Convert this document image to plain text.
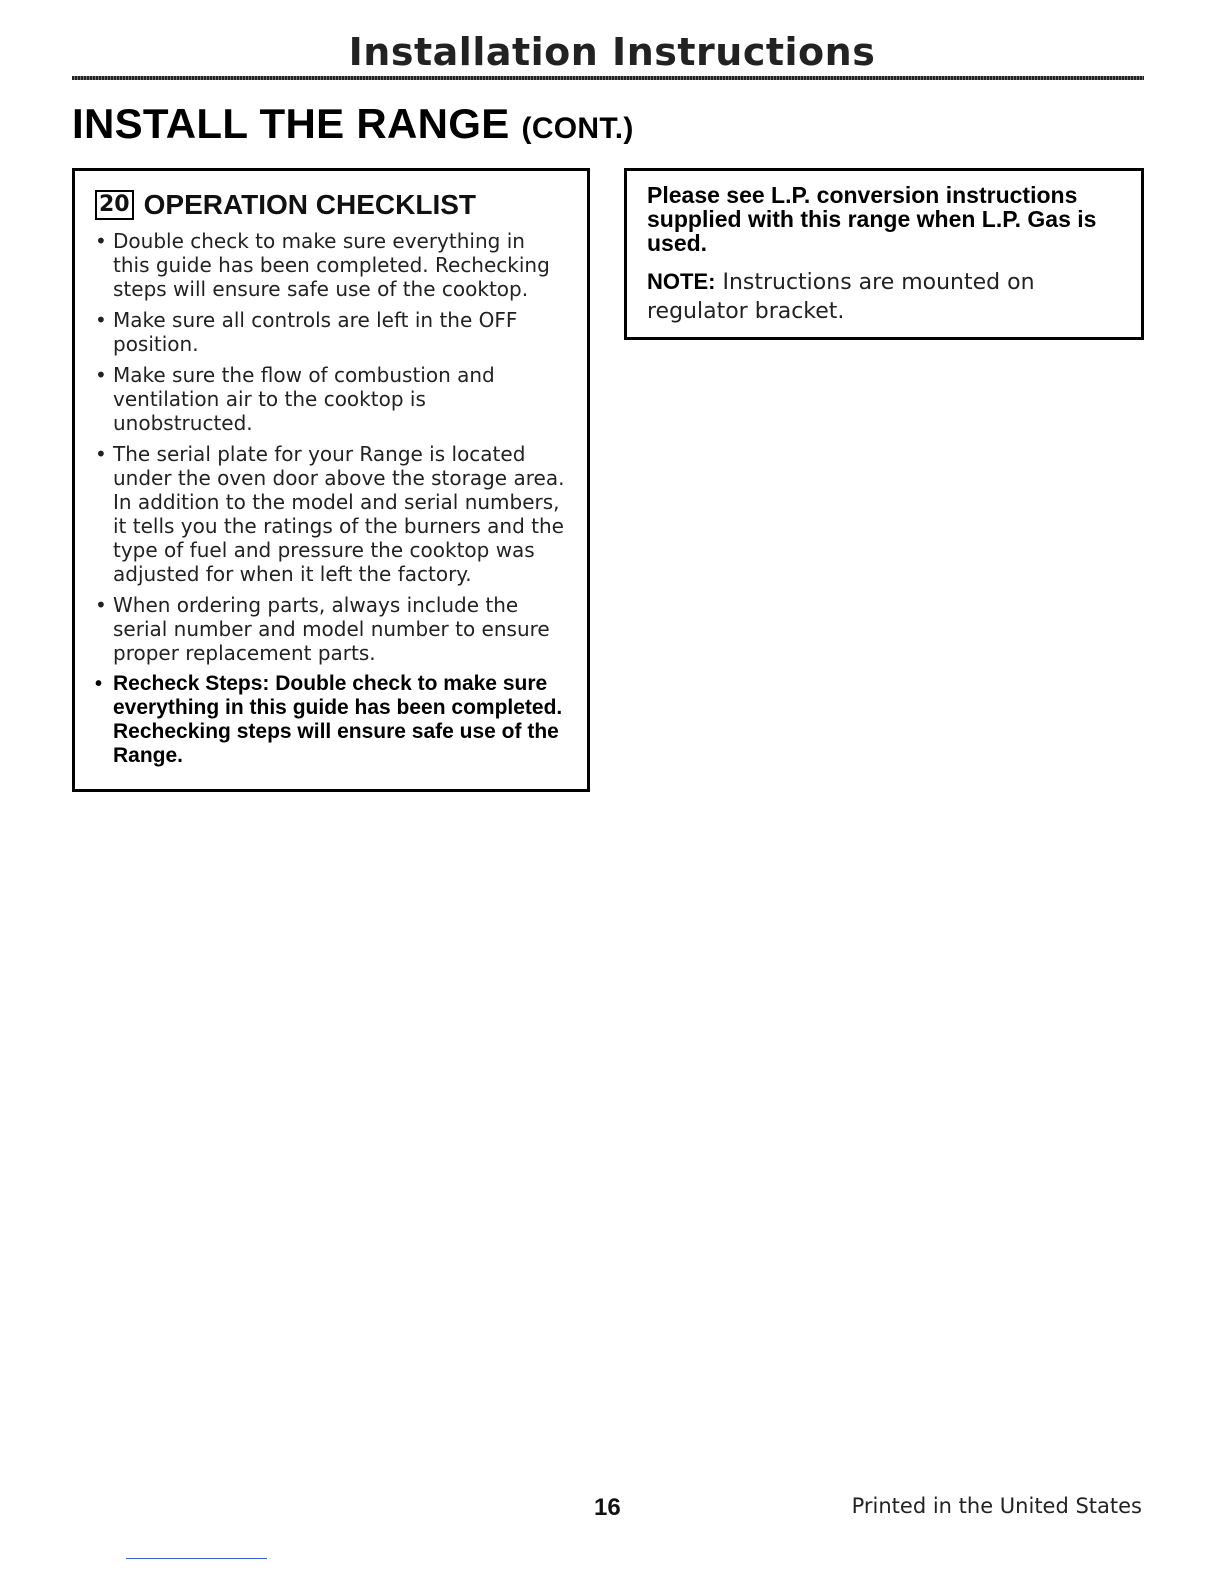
Installation Instructions
INSTALL THE RANGE (CONT.)
20 OPERATION CHECKLIST
• Double check to make sure everything in this guide has been completed. Rechecking steps will ensure safe use of the cooktop.
• Make sure all controls are left in the OFF position.
• Make sure the flow of combustion and ventilation air to the cooktop is unobstructed.
• The serial plate for your Range is located under the oven door above the storage area. In addition to the model and serial numbers, it tells you the ratings of the burners and the type of fuel and pressure the cooktop was adjusted for when it left the factory.
• When ordering parts, always include the serial number and model number to ensure proper replacement parts.
• Recheck Steps: Double check to make sure everything in this guide has been completed. Rechecking steps will ensure safe use of the Range.
Please see L.P. conversion instructions supplied with this range when L.P. Gas is used.
NOTE: Instructions are mounted on regulator bracket.
16	Printed in the United States
